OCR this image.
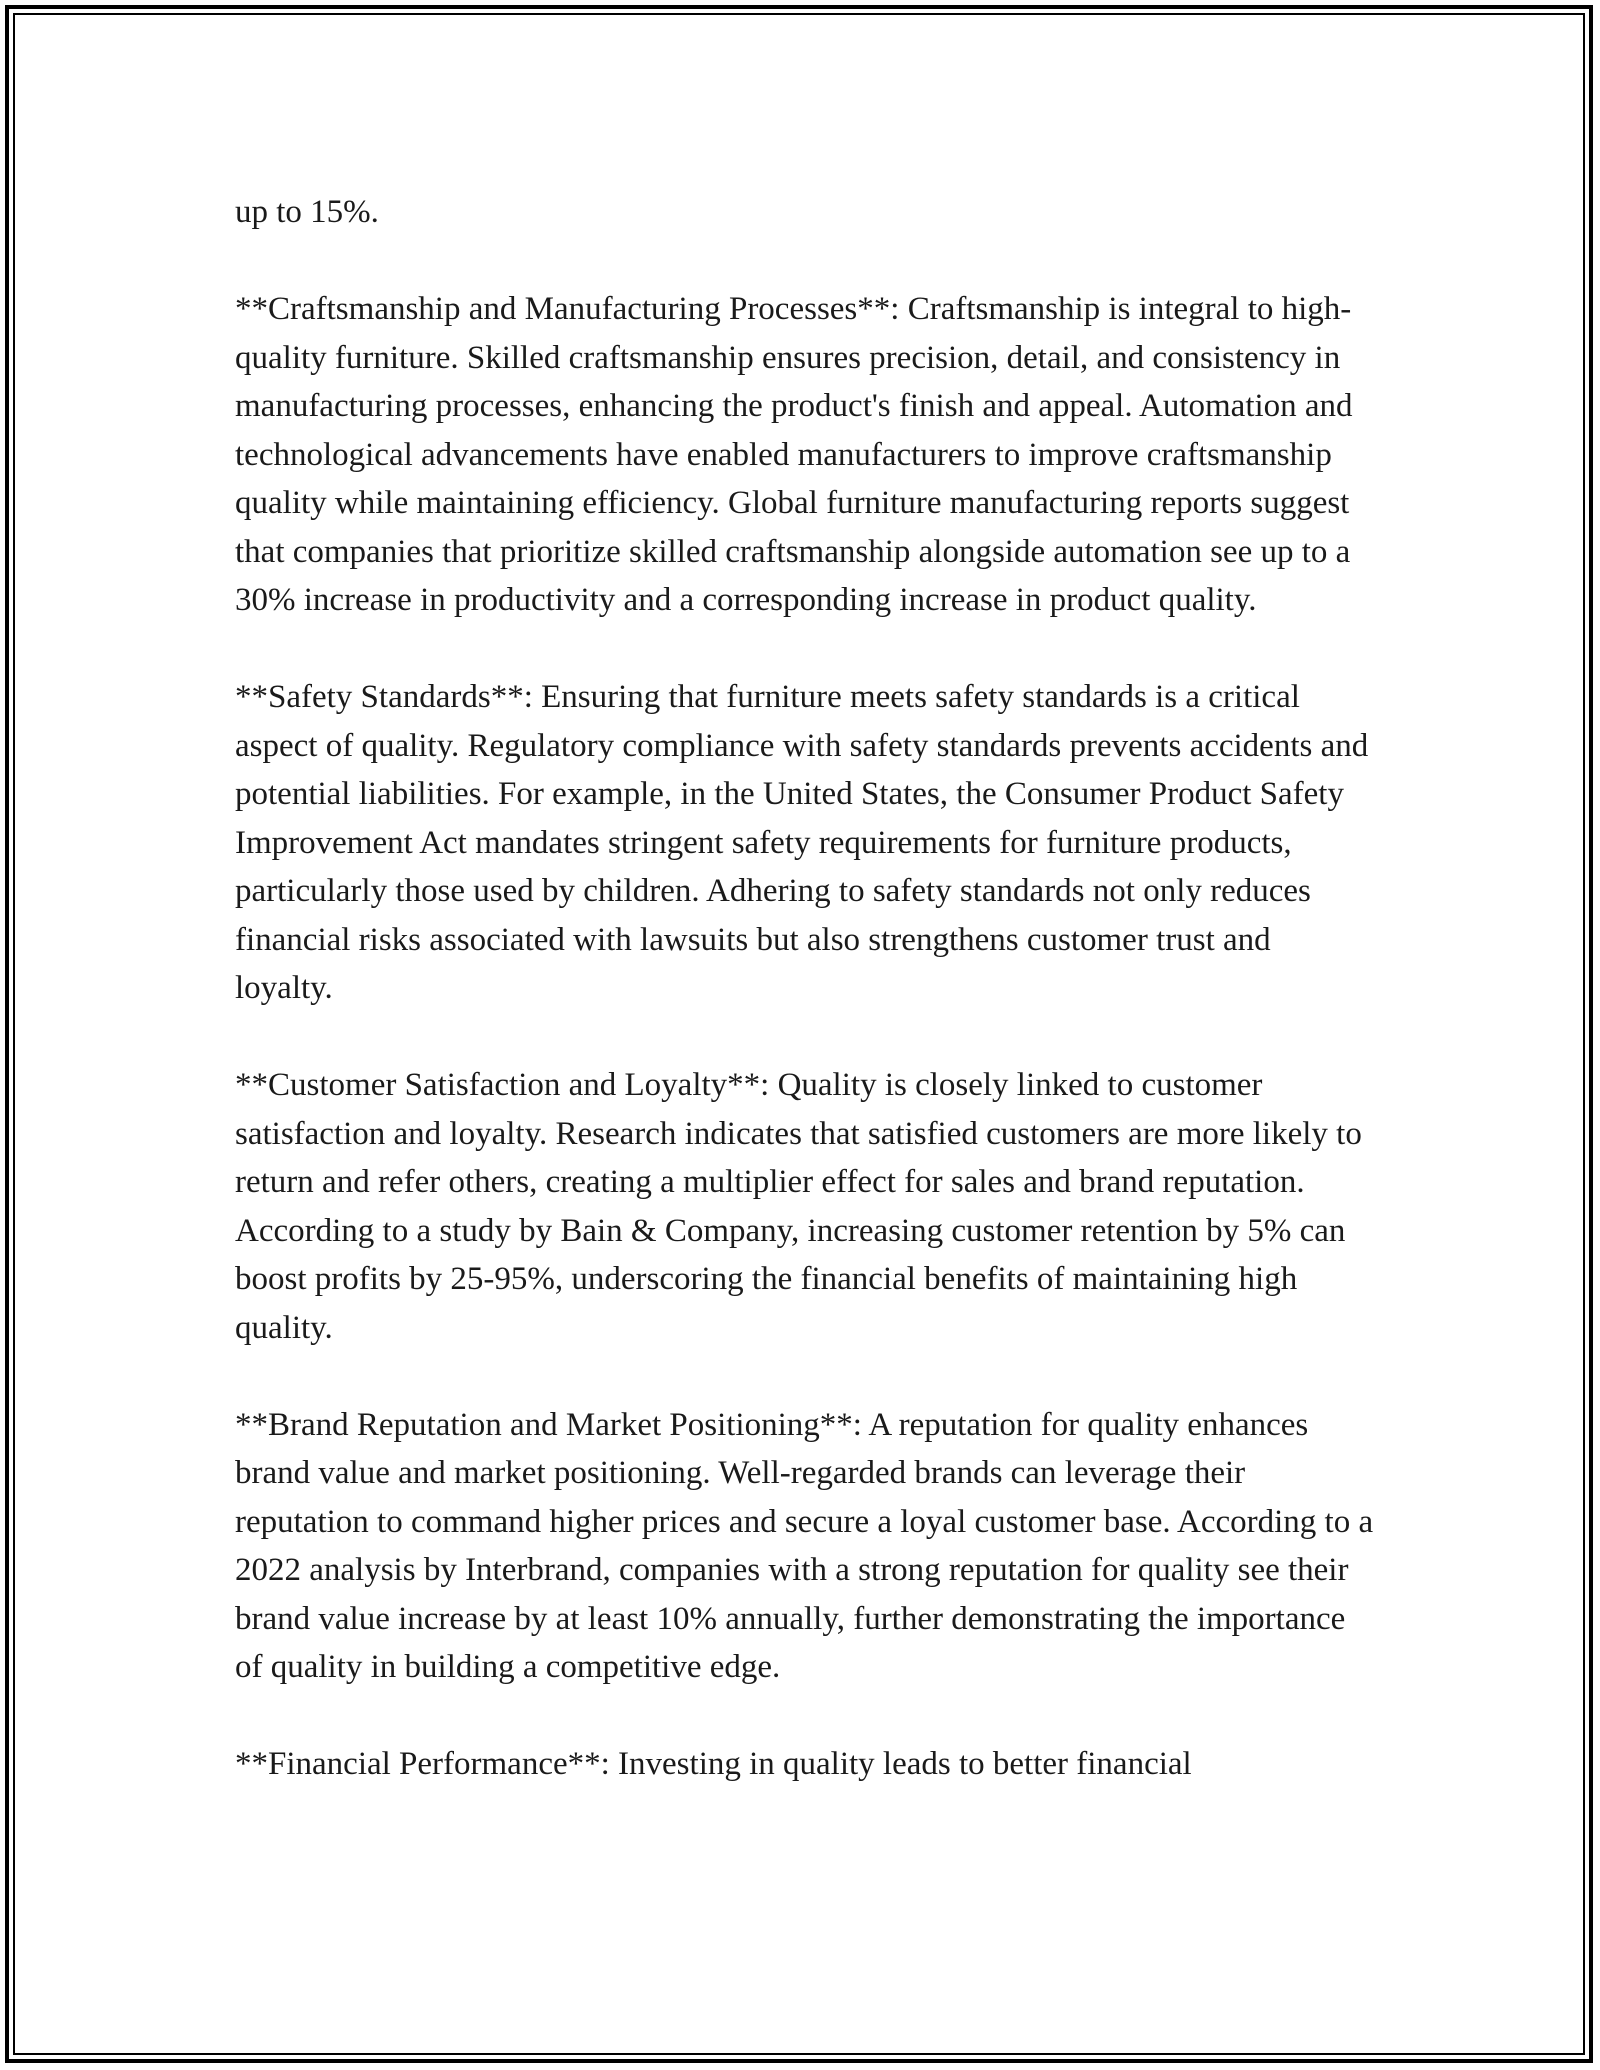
up to 15%.

**Craftsmanship and Manufacturing Processes**: Craftsmanship is integral to high-quality furniture. Skilled craftsmanship ensures precision, detail, and consistency in manufacturing processes, enhancing the product's finish and appeal. Automation and technological advancements have enabled manufacturers to improve craftsmanship quality while maintaining efficiency. Global furniture manufacturing reports suggest that companies that prioritize skilled craftsmanship alongside automation see up to a 30% increase in productivity and a corresponding increase in product quality.

**Safety Standards**: Ensuring that furniture meets safety standards is a critical aspect of quality. Regulatory compliance with safety standards prevents accidents and potential liabilities. For example, in the United States, the Consumer Product Safety Improvement Act mandates stringent safety requirements for furniture products, particularly those used by children. Adhering to safety standards not only reduces financial risks associated with lawsuits but also strengthens customer trust and loyalty.

**Customer Satisfaction and Loyalty**: Quality is closely linked to customer satisfaction and loyalty. Research indicates that satisfied customers are more likely to return and refer others, creating a multiplier effect for sales and brand reputation. According to a study by Bain & Company, increasing customer retention by 5% can boost profits by 25-95%, underscoring the financial benefits of maintaining high quality.

**Brand Reputation and Market Positioning**: A reputation for quality enhances brand value and market positioning. Well-regarded brands can leverage their reputation to command higher prices and secure a loyal customer base. According to a 2022 analysis by Interbrand, companies with a strong reputation for quality see their brand value increase by at least 10% annually, further demonstrating the importance of quality in building a competitive edge.

**Financial Performance**: Investing in quality leads to better financial
